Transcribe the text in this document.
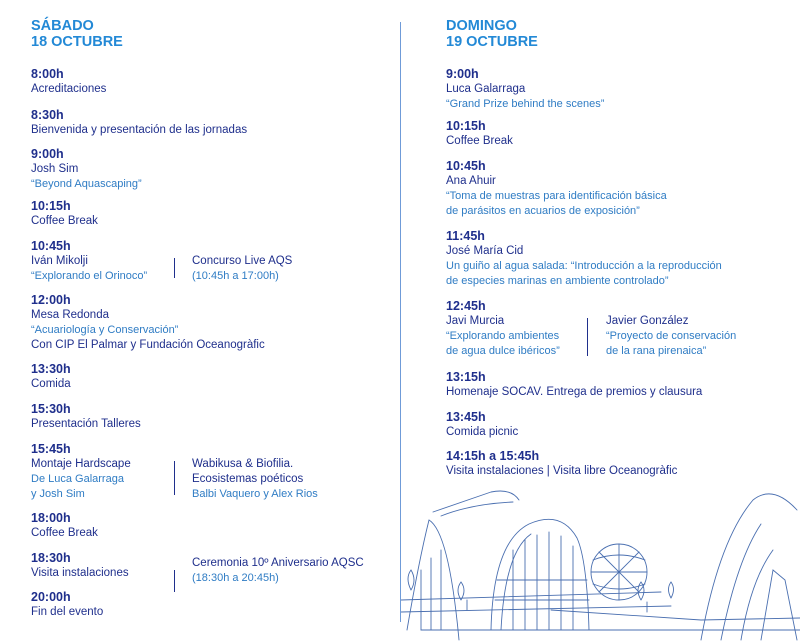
SÁBADO
18 OCTUBRE
8:00h
Acreditaciones
8:30h
Bienvenida y presentación de las jornadas
9:00h
Josh Sim
“Beyond Aquascaping”
10:15h
Coffee Break
10:45h
Iván Mikolji
“Explorando el Orinoco”
Concurso Live AQS
(10:45h a 17:00h)
12:00h
Mesa Redonda
“Acuariología y Conservación”
Con CIP El Palmar y Fundación Oceanogràfic
13:30h
Comida
15:30h
Presentación Talleres
15:45h
Montaje Hardscape
De Luca Galarraga
y Josh Sim
Wabikusa & Biofilia.
Ecosistemas poéticos
Balbi Vaquero y Alex Rios
18:00h
Coffee Break
18:30h
Visita instalaciones
Ceremonia 10º Aniversario AQSC
(18:30h a 20:45h)
20:00h
Fin del evento
DOMINGO
19 OCTUBRE
9:00h
Luca Galarraga
“Grand Prize behind the scenes”
10:15h
Coffee Break
10:45h
Ana Ahuir
“Toma de muestras para identificación básica
de parásitos en acuarios de exposición”
11:45h
José María Cid
Un guiño al agua salada: “Introducción a la reproducción
de especies marinas en ambiente controlado”
12:45h
Javi Murcia
“Explorando ambientes
de agua dulce ibéricos”
Javier González
“Proyecto de conservación
de la rana pirenaica”
13:15h
Homenaje SOCAV. Entrega de premios y clausura
13:45h
Comida picnic
14:15h a 15:45h
Visita instalaciones | Visita libre Oceanogràfic
